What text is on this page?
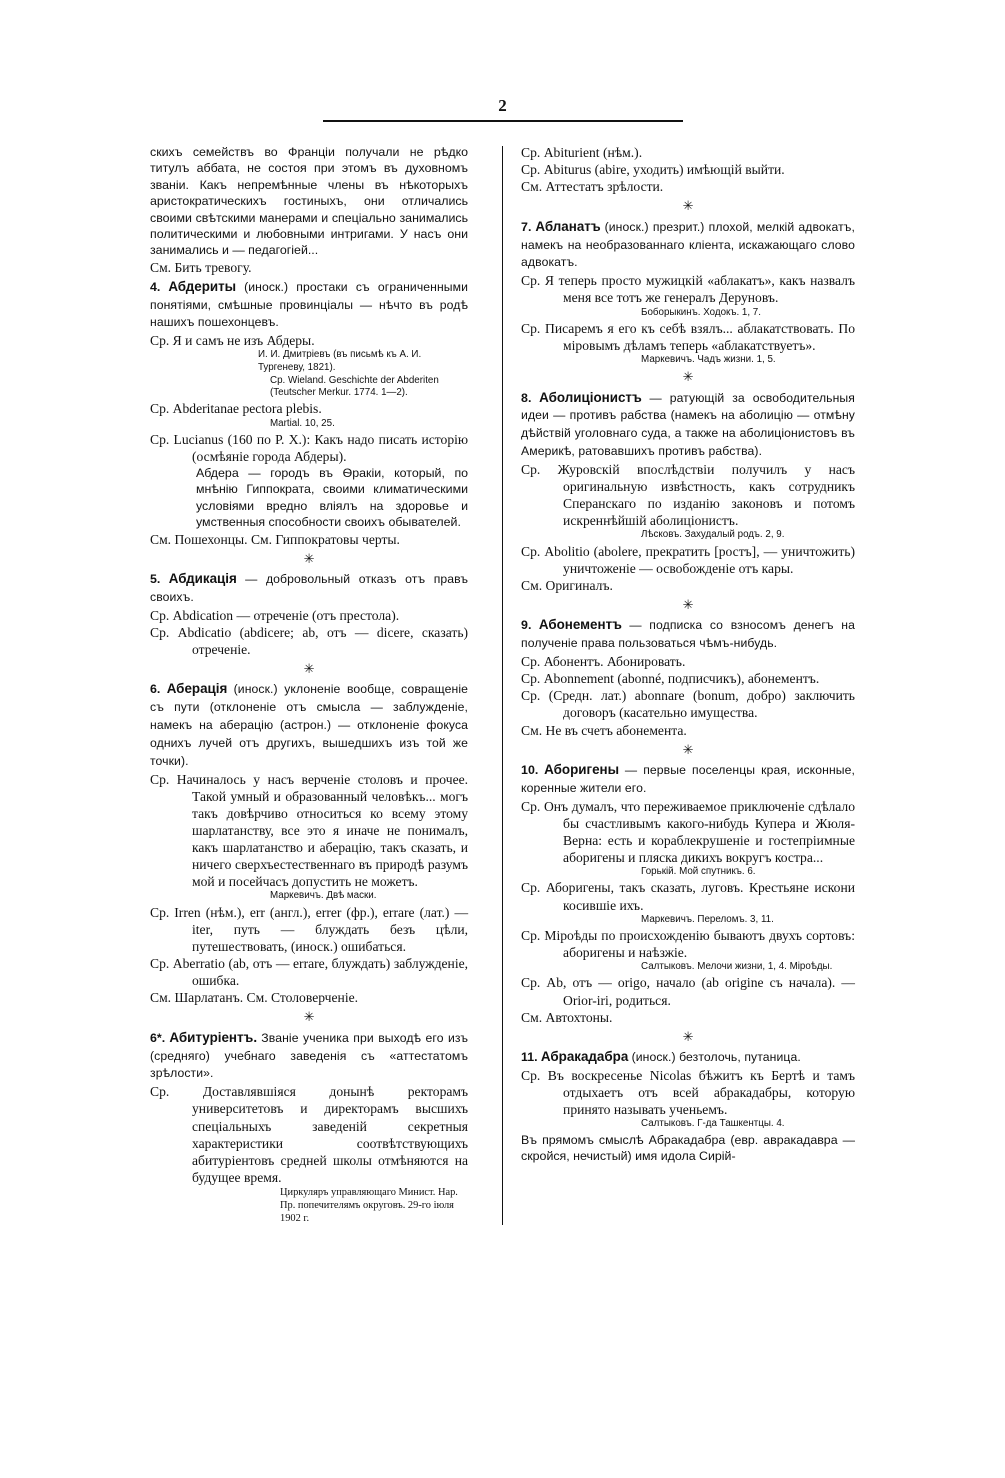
2

скихъ семействъ во Франціи получали не рѣдко титулъ аббата, не состоя при этомъ въ духовномъ званіи. Какъ непремѣнные члены въ нѣкоторыхъ аристократическихъ гостиныхъ, они отличались своими свѣтскими манерами и спеціально занимались политическими и любовными интригами. У насъ они занимались и — педагогіей...

См. Бить тревогу.

4. Абдериты (иноск.) простаки съ ограниченными понятіями, смѣшные провинціалы — нѣчто въ родѣ нашихъ пошехонцевъ.

Ср. Я и самъ не изъ Абдеры.

И. И. Дмитріевъ (въ письмѣ къ А. И. Тургеневу, 1821).

Ср. Wieland. Geschichte der Abderiten (Teutscher Merkur. 1774. 1—2).

Ср. Abderitanae pectora plebis.

Martial. 10, 25.

Ср. Lucianus (160 по Р. Х.): Какъ надо писать исторію (осмѣяніе города Абдеры).

Абдера — городъ въ Ѳракіи, который, по мнѣнію Гиппократа, своими климатическими условіями вредно вліялъ на здоровье и умственныя способности своихъ обывателей.

См. Пошехонцы. См. Гиппократовы черты.

✳

5. Абдикація — добровольный отказъ отъ правъ своихъ.

Ср. Abdication — отреченіе (отъ престола).

Ср. Abdicatio (abdicere; ab, отъ — dicere, сказать) отреченіе.

✳

6. Аберація (иноск.) уклоненіе вообще, совращеніе съ пути (отклоненіе отъ смысла — заблужденіе, намекъ на аберацію (астрон.) — отклоненіе фокуса однихъ лучей отъ другихъ, вышедшихъ изъ той же точки).

Ср. Начиналось у насъ верченіе столовъ и прочее. Такой умный и образованный человѣкъ... могъ такъ довѣрчиво относиться ко всему этому шарлатанству, все это я иначе не понималъ, какъ шарлатанство и аберацію, такъ сказать, и ничего сверхъестественнаго въ природѣ разумъ мой и посейчасъ допустить не можетъ.

Маркевичъ. Двѣ маски.

Ср. Irren (нѣм.), err (англ.), errer (фр.), errare (лат.) — iter, путь — блуждать безъ цѣли, путешествовать, (иноск.) ошибаться.

Ср. Aberratio (ab, отъ — errare, блуждать) заблужденіе, ошибка.

См. Шарлатанъ. См. Столоверченіе.

✳

6*. Абитуріентъ. Званіе ученика при выходѣ его изъ (средняго) учебнаго заведенія съ «аттестатомъ зрѣлости».

Ср. Доставлявшіяся донынѣ ректорамъ университетовъ и директорамъ высшихъ спеціальныхъ заведеній секретныя характеристики соотвѣтствующихъ абитуріентовъ средней школы отмѣняются на будущее время.

Циркуляръ управляющаго Минист. Нар. Пр. попечителямъ округовъ. 29-го іюля 1902 г.

Ср. Abiturient (нѣм.).

Ср. Abiturus (abire, уходить) имѣющій выйти.

См. Аттестатъ зрѣлости.

✳

7. Абланатъ (иноск.) презрит.) плохой, мелкій адвокатъ, намекъ на необразованнаго кліента, искажающаго слово адвокатъ.

Ср. Я теперь просто мужицкій «аблакатъ», какъ назвалъ меня все тотъ же генералъ Деруновъ.

Боборыкинъ. Ходокъ. 1, 7.

Ср. Писаремъ я его къ себѣ взялъ... аблакатствовать. По міровымъ дѣламъ теперь «аблакатствуетъ».

Маркевичъ. Чадъ жизни. 1, 5.

✳

8. Аболиціонистъ — ратующій за освободительныя идеи — противъ рабства (намекъ на аболицію — отмѣну дѣйствій уголовнаго суда, а также на аболиціонистовъ въ Америкѣ, ратовавшихъ противъ рабства).

Ср. Журовскій впослѣдствіи получилъ у насъ оригинальную извѣстность, какъ сотрудникъ Сперанскаго по изданію законовъ и потомъ искреннѣйшій аболиціонистъ.

Лѣсковъ. Захудалый родъ. 2, 9.

Ср. Abolitio (abolere, прекратить [ростъ], — уничтожить) уничтоженіе — освобожденіе отъ кары.

См. Оригиналъ.

✳

9. Абонементъ — подписка со взносомъ денегъ на полученіе права пользоваться чѣмъ-нибудь.

Ср. Абонентъ. Абонировать.

Ср. Abonnement (abonné, подписчикъ), абонементъ.

Ср. (Средн. лат.) abonnare (bonum, добро) заключить договоръ (касательно имущества.

См. Не въ счетъ абонемента.

✳

10. Аборигены — первые поселенцы края, исконные, коренные жители его.

Ср. Онъ думалъ, что переживаемое приключеніе сдѣлало бы счастливымъ какого-нибудь Купера и Жюля-Верна: есть и кораблекрушеніе и гостепріимные аборигены и пляска дикихъ вокругъ костра...

Горькій. Мой спутникъ. 6.

Ср. Аборигены, такъ сказать, луговъ. Крестьяне искони косившіе ихъ.

Маркевичъ. Переломъ. 3, 11.

Ср. Міроѣды по происхожденію бываютъ двухъ сортовъ: аборигены и наѣзжіе.

Салтыковъ. Мелочи жизни, 1, 4. Міроѣды.

Ср. Ab, отъ — origo, начало (ab origine съ начала). — Orior-iri, родиться.

См. Автохтоны.

✳

11. Абракадабра (иноск.) безтолочь, путаница.

Ср. Въ воскресенье Nicolas бѣжитъ къ Бертѣ и тамъ отдыхаетъ отъ всей абракадабры, которую принято называть ученьемъ.

Салтыковъ. Г-да Ташкентцы. 4.

Въ прямомъ смыслѣ Абракадабра (евр. авракадавра — скройся, нечистый) имя идола Сирій-
